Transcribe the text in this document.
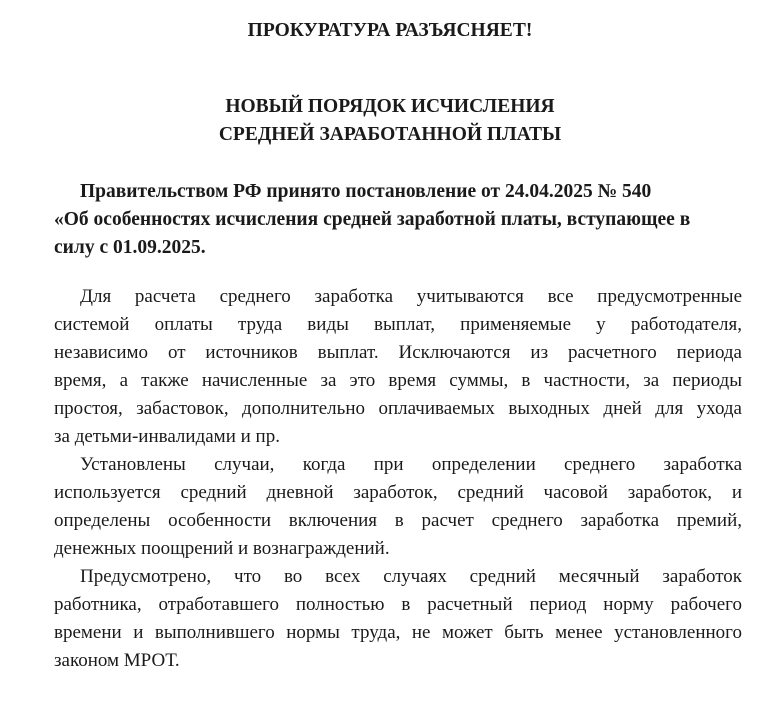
ПРОКУРАТУРА РАЗЪЯСНЯЕТ!

НОВЫЙ ПОРЯДОК ИСЧИСЛЕНИЯ
СРЕДНЕЙ ЗАРАБОТАННОЙ ПЛАТЫ
Правительством РФ принято постановление от 24.04.2025 № 540
«Об особенностях исчисления средней заработной платы, вступающее в
силу с 01.09.2025.
Для расчета среднего заработка учитываются все предусмотренные
системой оплаты труда виды выплат, применяемые у работодателя,
независимо от источников выплат. Исключаются из расчетного периода
время, а также начисленные за это время суммы, в частности, за периоды
простоя, забастовок, дополнительно оплачиваемых выходных дней для ухода
за детьми-инвалидами и пр.
Установлены случаи, когда при определении среднего заработка
используется средний дневной заработок, средний часовой заработок, и
определены особенности включения в расчет среднего заработка премий,
денежных поощрений и вознаграждений.
Предусмотрено, что во всех случаях средний месячный заработок
работника, отработавшего полностью в расчетный период норму рабочего
времени и выполнившего нормы труда, не может быть менее установленного
законом МРОТ.
